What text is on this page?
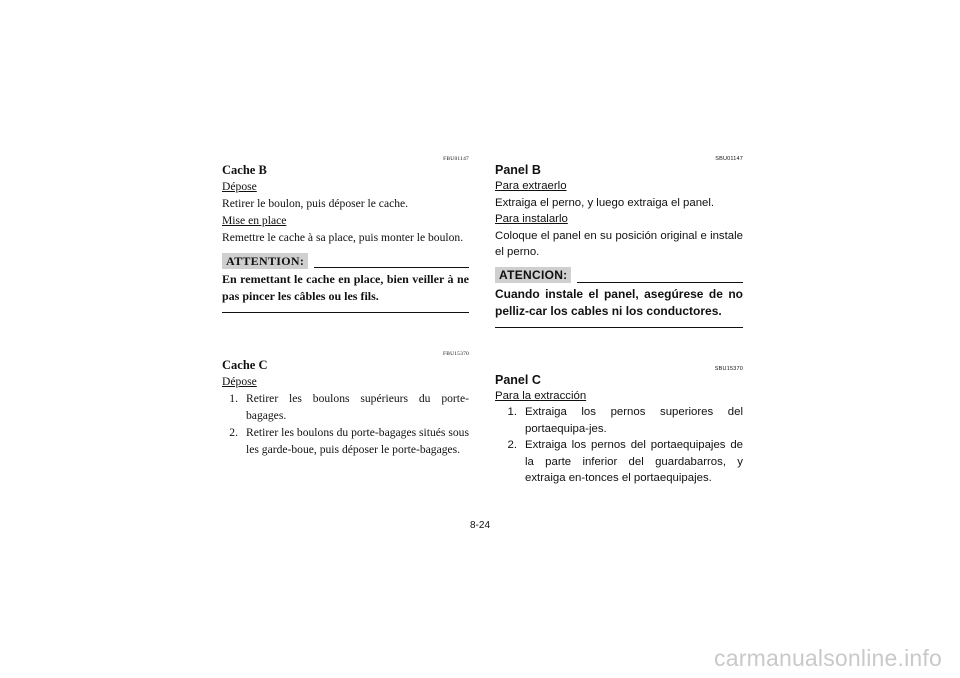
FBU01147
Cache B
Dépose
Retirer le boulon, puis déposer le cache.
Mise en place
Remettre le cache à sa place, puis monter le boulon.
ATTENTION:
En remettant le cache en place, bien veiller à ne pas pincer les câbles ou les fils.
FBU15370
Cache C
Dépose
1. Retirer les boulons supérieurs du porte-bagages.
2. Retirer les boulons du porte-bagages situés sous les garde-boue, puis déposer le porte-bagages.
SBU01147
Panel B
Para extraerlo
Extraiga el perno, y luego extraiga el panel.
Para instalarlo
Coloque el panel en su posición original e instale el perno.
ATENCION:
Cuando instale el panel, asegúrese de no pelliz-car los cables ni los conductores.
SBU15370
Panel C
Para la extracción
1. Extraiga los pernos superiores del portaequipa-jes.
2. Extraiga los pernos del portaequipajes de la parte inferior del guardabarros, y extraiga en-tonces el portaequipajes.
8-24
carmanualsonline.info
